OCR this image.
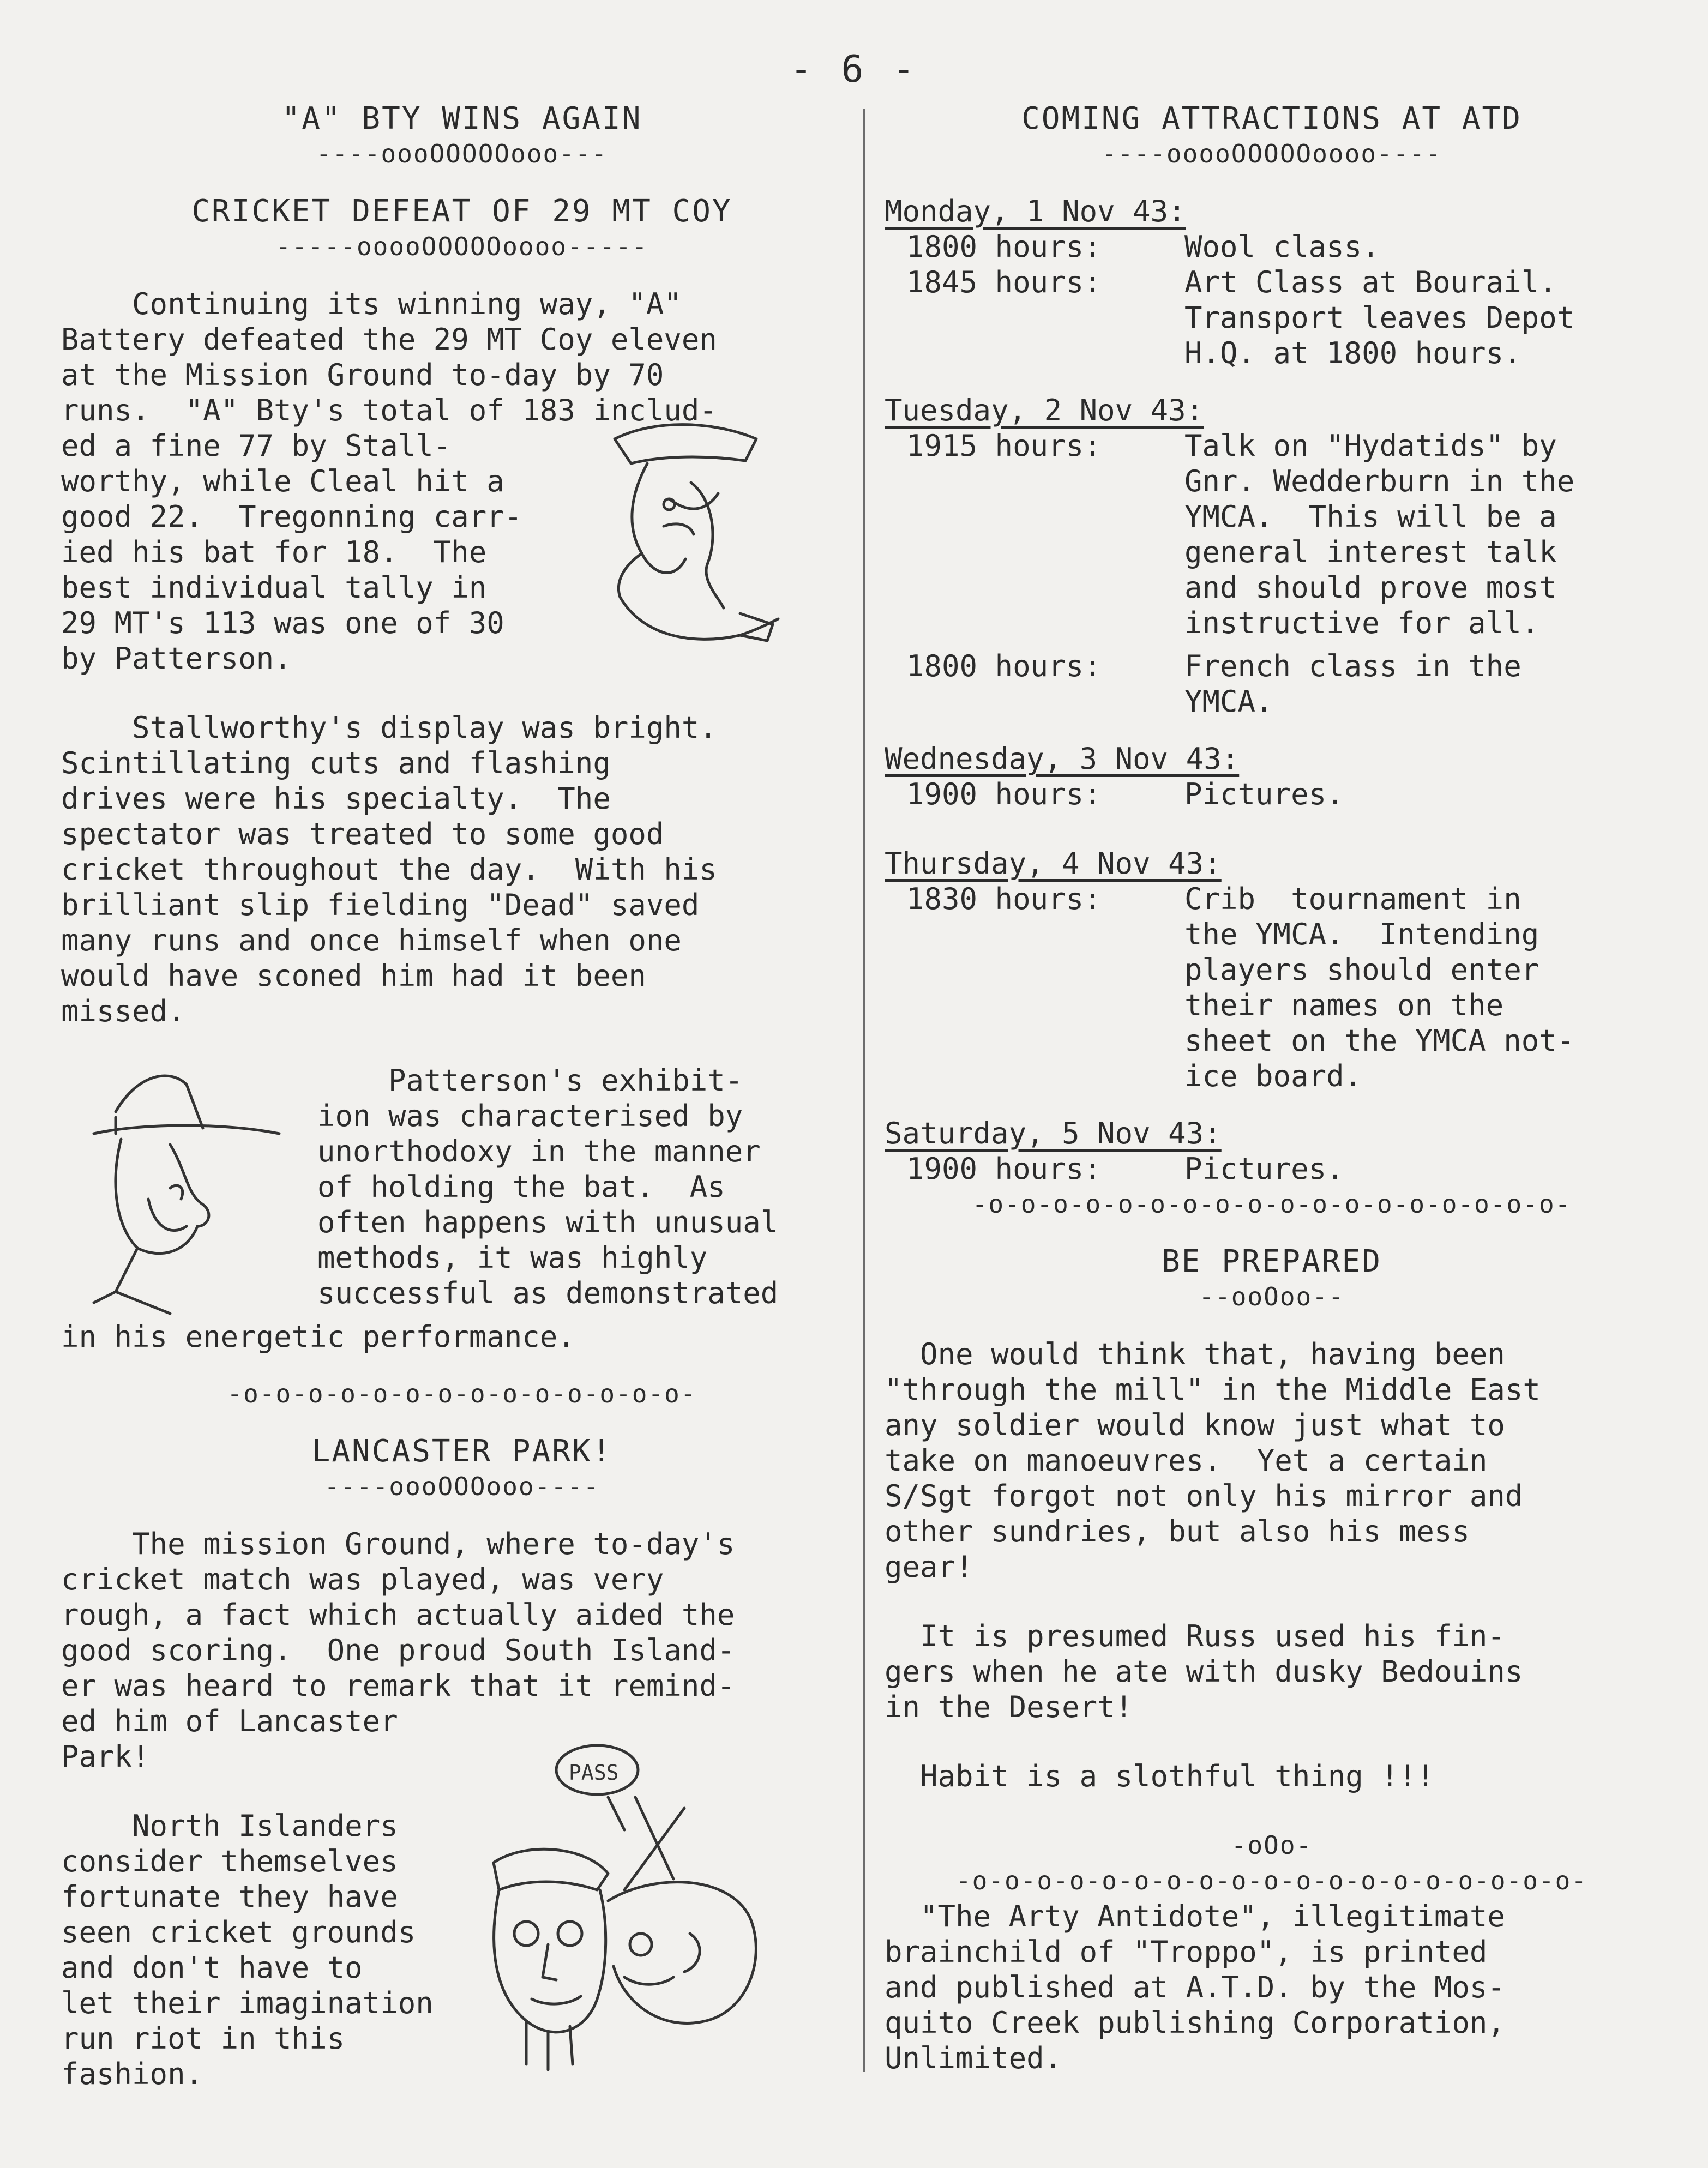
- 6 -
"A" BTY WINS AGAIN
----oooOOOOOooo---
CRICKET DEFEAT OF 29 MT COY
-----ooooOOOOOoooo-----

Continuing its winning way, "A"

Battery defeated the 29 MT Coy eleven

at the Mission Ground to-day by 70

runs.  "A" Bty's total of 183 includ-

ed a fine 77 by Stall-

worthy, while Cleal hit a

good 22.  Tregonning carr-

ied his bat for 18.  The

best individual tally in

29 MT's 113 was one of 30

by Patterson.

Stallworthy's display was bright.

Scintillating cuts and flashing

drives were his specialty.  The

spectator was treated to some good

cricket throughout the day.  With his

brilliant slip fielding "Dead" saved

many runs and once himself when one

would have sconed him had it been

missed.

Patterson's exhibit-

ion was characterised by

unorthodoxy in the manner

of holding the bat.  As

often happens with unusual

methods, it was highly

successful as demonstrated

in his energetic performance.

-o-o-o-o-o-o-o-o-o-o-o-o-o-o-
LANCASTER PARK!
----oooOOOooo----

The mission Ground, where to-day's

cricket match was played, was very

rough, a fact which actually aided the

good scoring.  One proud South Island-

er was heard to remark that it remind-

ed him of Lancaster

Park!

North Islanders

consider themselves

fortunate they have

seen cricket grounds

and don't have to

let their imagination

run riot in this

fashion.

PASS
COMING ATTRACTIONS AT ATD
----ooooOOOOOoooo----

Monday, 1 Nov 43:

1800 hours:	Wool class.
1845 hours:	Art Class at Bourail.
Transport leaves Depot
H.Q. at 1800 hours.

Tuesday, 2 Nov 43:

1915 hours:	Talk on "Hydatids" by
Gnr. Wedderburn in the
YMCA.  This will be a
general interest talk
and should prove most
instructive for all.
1800 hours:	French class in the
YMCA.

Wednesday, 3 Nov 43:

1900 hours:	Pictures.

Thursday, 4 Nov 43:

1830 hours:	Crib  tournament in
the YMCA.  Intending
players should enter
their names on the
sheet on the YMCA not-
ice board.

Saturday, 5 Nov 43:

1900 hours:	Pictures.
-o-o-o-o-o-o-o-o-o-o-o-o-o-o-o-o-o-o-
BE PREPARED
--ooOoo--

One would think that, having been

"through the mill" in the Middle East

any soldier would know just what to

take on manoeuvres.  Yet a certain

S/Sgt forgot not only his mirror and

other sundries, but also his mess

gear!

It is presumed Russ used his fin-

gers when he ate with dusky Bedouins

in the Desert!

Habit is a slothful thing !!!

-oOo-
-o-o-o-o-o-o-o-o-o-o-o-o-o-o-o-o-o-o-o-

"The Arty Antidote", illegitimate

brainchild of "Troppo", is printed

and published at A.T.D. by the Mos-

quito Creek publishing Corporation,

Unlimited.
